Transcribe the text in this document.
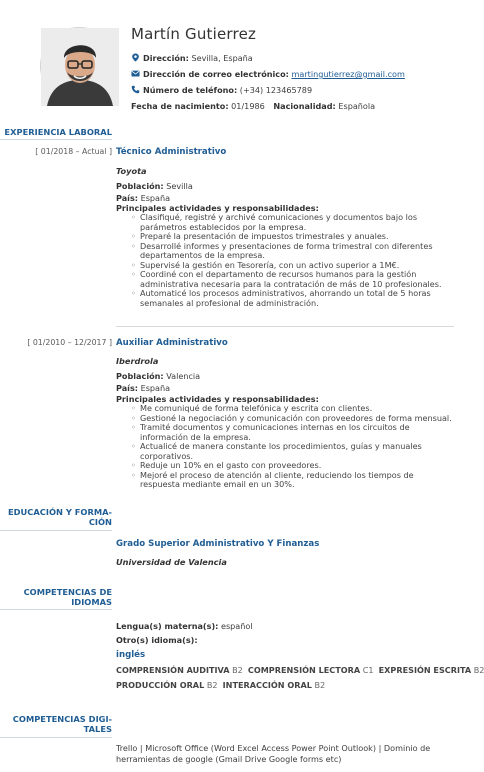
Martín Gutierrez
Dirección: Sevilla, España
Dirección de correo electrónico: martingutierrez@gmail.com
Número de teléfono: (+34) 123465789
Fecha de nacimiento: 01/1986 Nacionalidad: Española
EXPERIENCIA LABORAL
[ 01/2018 – Actual ] Técnico Administrativo
Toyota
Población: Sevilla
País: España
Principales actividades y responsabilidades:
◦ Clasifiqué, registré y archivé comunicaciones y documentos bajo los parámetros establecidos por la empresa.
◦ Preparé la presentación de impuestos trimestrales y anuales.
◦ Desarrollé informes y presentaciones de forma trimestral con diferentes departamentos de la empresa.
◦ Supervisé la gestión en Tesorería, con un activo superior a 1M€.
◦ Coordiné con el departamento de recursos humanos para la gestión administrativa necesaria para la contratación de más de 10 profesionales.
◦ Automaticé los procesos administrativos, ahorrando un total de 5 horas semanales al profesional de administración.
[ 01/2010 – 12/2017 ] Auxiliar Administrativo
Iberdrola
Población: Valencia
País: España
Principales actividades y responsabilidades:
◦ Me comuniqué de forma telefónica y escrita con clientes.
◦ Gestioné la negociación y comunicación con proveedores de forma mensual.
◦ Tramité documentos y comunicaciones internas en los circuitos de información de la empresa.
◦ Actualicé de manera constante los procedimientos, guías y manuales corporativos.
◦ Reduje un 10% en el gasto con proveedores.
◦ Mejoré el proceso de atención al cliente, reduciendo los tiempos de respuesta mediante email en un 30%.
EDUCACIÓN Y FORMA-
CIÓN
Grado Superior Administrativo Y Finanzas
Universidad de Valencia
COMPETENCIAS DE
IDIOMAS
Lengua(s) materna(s): español
Otro(s) idioma(s):
inglés
COMPRENSIÓN AUDITIVA B2 COMPRENSIÓN LECTORA C1 EXPRESIÓN ESCRITA B2
PRODUCCIÓN ORAL B2 INTERACCIÓN ORAL B2
COMPETENCIAS DIGI-
TALES
Trello | Microsoft Office (Word Excel Access Power Point Outlook) | Dominio de
herramientas de google (Gmail Drive Google forms etc)
